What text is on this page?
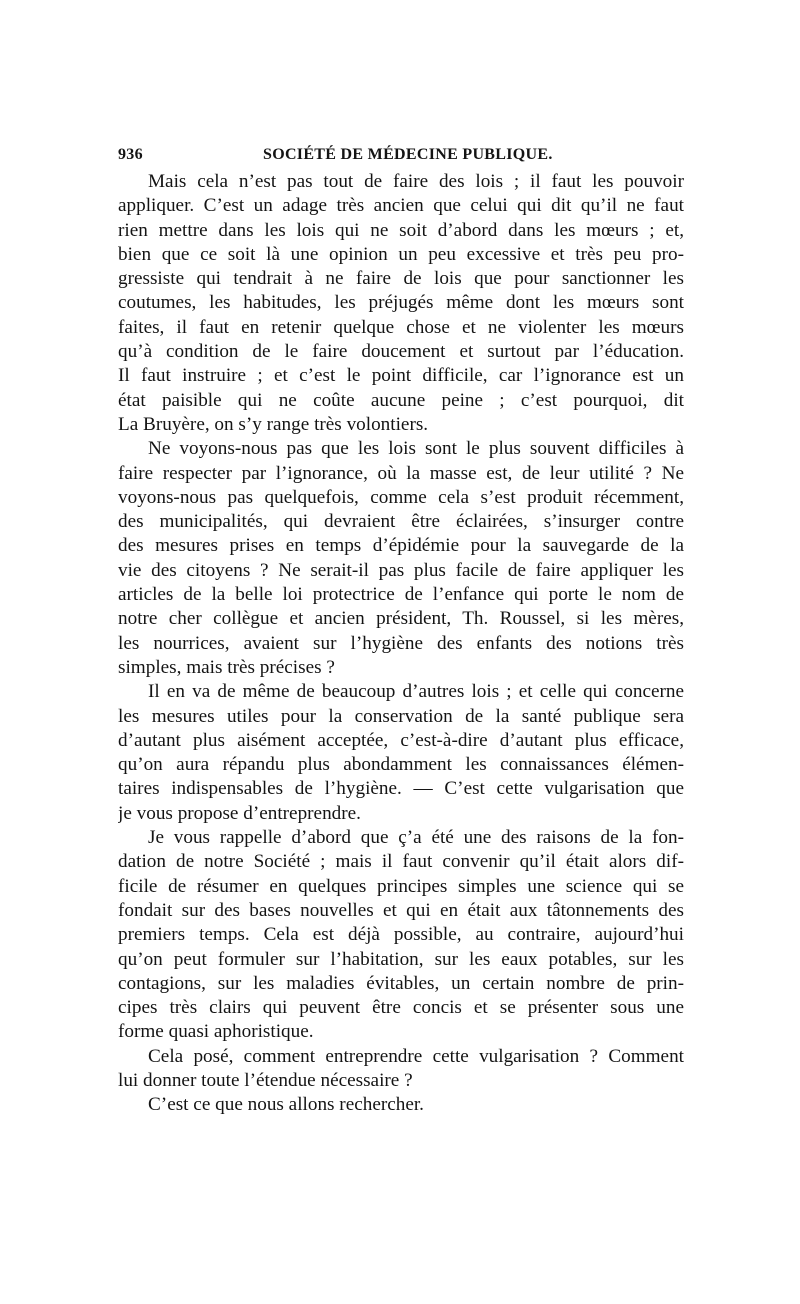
936	SOCIÉTÉ DE MÉDECINE PUBLIQUE.

Mais cela n’est pas tout de faire des lois ; il faut les pouvoir
appliquer. C’est un adage très ancien que celui qui dit qu’il ne faut
rien mettre dans les lois qui ne soit d’abord dans les mœurs ; et,
bien que ce soit là une opinion un peu excessive et très peu pro-
gressiste qui tendrait à ne faire de lois que pour sanctionner les
coutumes, les habitudes, les préjugés même dont les mœurs sont
faites, il faut en retenir quelque chose et ne violenter les mœurs
qu’à condition de le faire doucement et surtout par l’éducation.
Il faut instruire ; et c’est le point difficile, car l’ignorance est un
état paisible qui ne coûte aucune peine ; c’est pourquoi, dit
La Bruyère, on s’y range très volontiers.

Ne voyons-nous pas que les lois sont le plus souvent difficiles à
faire respecter par l’ignorance, où la masse est, de leur utilité ? Ne
voyons-nous pas quelquefois, comme cela s’est produit récemment,
des municipalités, qui devraient être éclairées, s’insurger contre
des mesures prises en temps d’épidémie pour la sauvegarde de la
vie des citoyens ? Ne serait-il pas plus facile de faire appliquer les
articles de la belle loi protectrice de l’enfance qui porte le nom de
notre cher collègue et ancien président, Th. Roussel, si les mères,
les nourrices, avaient sur l’hygiène des enfants des notions très
simples, mais très précises ?

Il en va de même de beaucoup d’autres lois ; et celle qui concerne
les mesures utiles pour la conservation de la santé publique sera
d’autant plus aisément acceptée, c’est-à-dire d’autant plus efficace,
qu’on aura répandu plus abondamment les connaissances élémen-
taires indispensables de l’hygiène. — C’est cette vulgarisation que
je vous propose d’entreprendre.

Je vous rappelle d’abord que ç’a été une des raisons de la fon-
dation de notre Société ; mais il faut convenir qu’il était alors dif-
ficile de résumer en quelques principes simples une science qui se
fondait sur des bases nouvelles et qui en était aux tâtonnements des
premiers temps. Cela est déjà possible, au contraire, aujourd’hui
qu’on peut formuler sur l’habitation, sur les eaux potables, sur les
contagions, sur les maladies évitables, un certain nombre de prin-
cipes très clairs qui peuvent être concis et se présenter sous une
forme quasi aphoristique.

Cela posé, comment entreprendre cette vulgarisation ? Comment
lui donner toute l’étendue nécessaire ?

C’est ce que nous allons rechercher.
